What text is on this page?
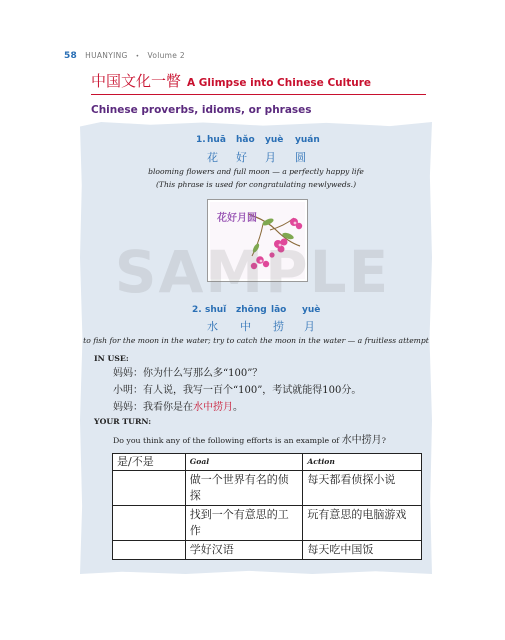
58 HUANYING • Volume 2
中国文化一瞥 A Glimpse into Chinese Culture
Chinese proverbs, idioms, or phrases
1. huā hǎo yuè yuán
花 好 月 圆
blooming flowers and full moon — a perfectly happy life
(This phrase is used for congratulating newlyweds.)
花好月圆
SAMPLE
2. shuǐ zhōng lāo yuè
水 中 捞 月
to fish for the moon in the water; try to catch the moon in the water — a fruitless attempt
IN USE:
妈妈：你为什么写那么多“100”？
小明：有人说，我写一百个“100”，考试就能得100分。
妈妈：我看你是在水中捞月。
YOUR TURN:
Do you think any of the following efforts is an example of 水中捞月?
是/不是	Goal	Action
	做一个世界有名的侦探	每天都看侦探小说
	找到一个有意思的工作	玩有意思的电脑游戏
	学好汉语	每天吃中国饭
